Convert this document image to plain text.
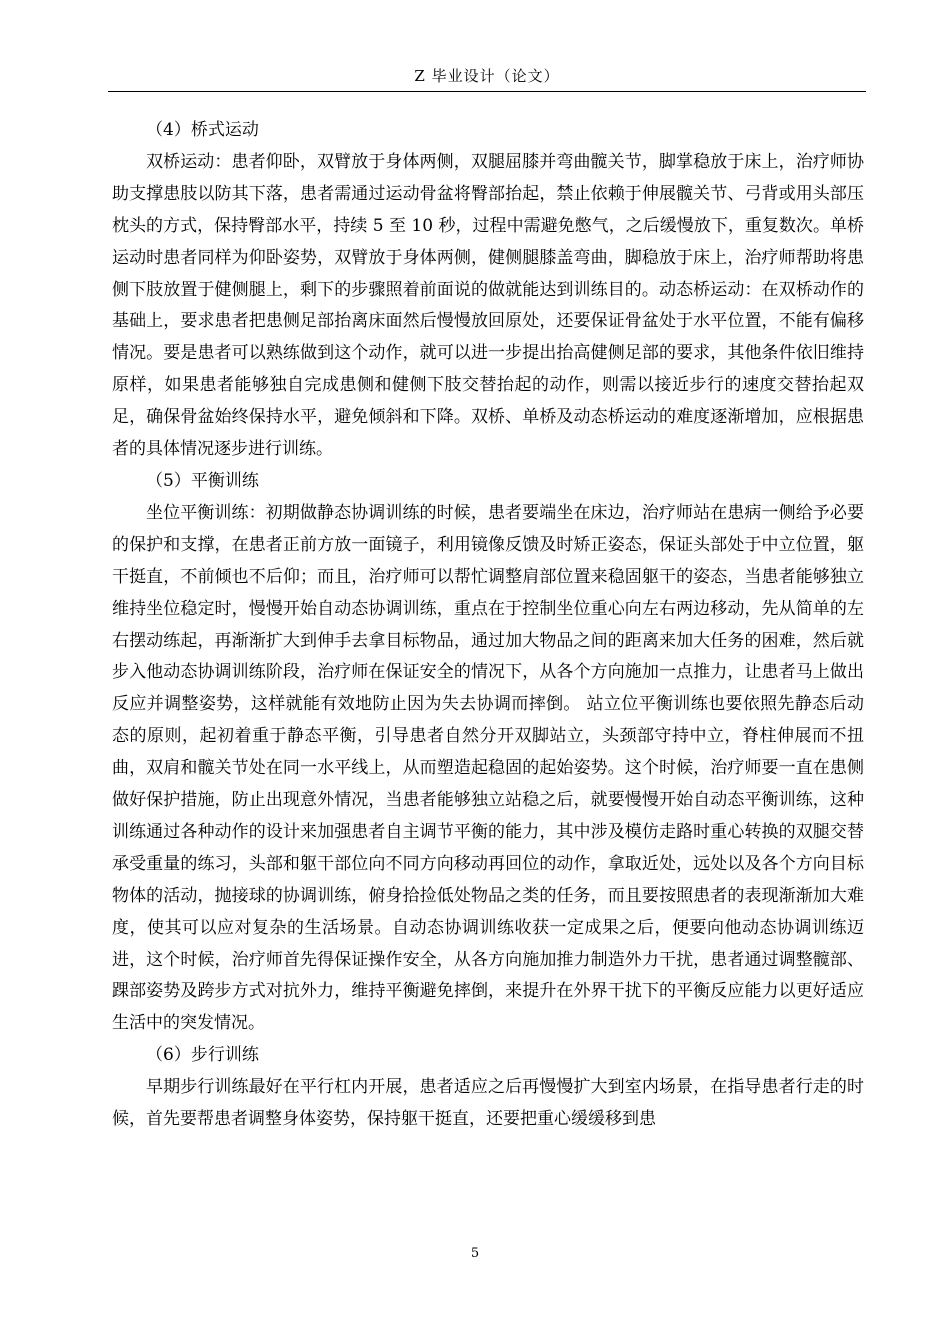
Z 毕业设计（论文）

（4）桥式运动

双桥运动：患者仰卧，双臂放于身体两侧，双腿屈膝并弯曲髋关节，脚掌稳放于床上，治疗师协助支撑患肢以防其下落，患者需通过运动骨盆将臀部抬起，禁止依赖于伸展髋关节、弓背或用头部压枕头的方式，保持臀部水平，持续 5 至 10 秒，过程中需避免憋气，之后缓慢放下，重复数次。单桥运动时患者同样为仰卧姿势，双臂放于身体两侧，健侧腿膝盖弯曲，脚稳放于床上，治疗师帮助将患侧下肢放置于健侧腿上，剩下的步骤照着前面说的做就能达到训练目的。动态桥运动：在双桥动作的基础上，要求患者把患侧足部抬离床面然后慢慢放回原处，还要保证骨盆处于水平位置，不能有偏移情况。要是患者可以熟练做到这个动作，就可以进一步提出抬高健侧足部的要求，其他条件依旧维持原样，如果患者能够独自完成患侧和健侧下肢交替抬起的动作，则需以接近步行的速度交替抬起双足，确保骨盆始终保持水平，避免倾斜和下降。双桥、单桥及动态桥运动的难度逐渐增加，应根据患者的具体情况逐步进行训练。

（5）平衡训练

坐位平衡训练：初期做静态协调训练的时候，患者要端坐在床边，治疗师站在患病一侧给予必要的保护和支撑，在患者正前方放一面镜子，利用镜像反馈及时矫正姿态，保证头部处于中立位置，躯干挺直，不前倾也不后仰；而且，治疗师可以帮忙调整肩部位置来稳固躯干的姿态，当患者能够独立维持坐位稳定时，慢慢开始自动态协调训练，重点在于控制坐位重心向左右两边移动，先从简单的左右摆动练起，再渐渐扩大到伸手去拿目标物品，通过加大物品之间的距离来加大任务的困难，然后就步入他动态协调训练阶段，治疗师在保证安全的情况下，从各个方向施加一点推力，让患者马上做出反应并调整姿势，这样就能有效地防止因为失去协调而摔倒。 站立位平衡训练也要依照先静态后动态的原则，起初着重于静态平衡，引导患者自然分开双脚站立，头颈部守持中立，脊柱伸展而不扭曲，双肩和髋关节处在同一水平线上，从而塑造起稳固的起始姿势。这个时候，治疗师要一直在患侧做好保护措施，防止出现意外情况，当患者能够独立站稳之后，就要慢慢开始自动态平衡训练，这种训练通过各种动作的设计来加强患者自主调节平衡的能力，其中涉及模仿走路时重心转换的双腿交替承受重量的练习，头部和躯干部位向不同方向移动再回位的动作，拿取近处，远处以及各个方向目标物体的活动，抛接球的协调训练，俯身拾捡低处物品之类的任务，而且要按照患者的表现渐渐加大难度，使其可以应对复杂的生活场景。自动态协调训练收获一定成果之后，便要向他动态协调训练迈进，这个时候，治疗师首先得保证操作安全，从各方向施加推力制造外力干扰，患者通过调整髋部、踝部姿势及跨步方式对抗外力，维持平衡避免摔倒，来提升在外界干扰下的平衡反应能力以更好适应生活中的突发情况。

（6）步行训练

早期步行训练最好在平行杠内开展，患者适应之后再慢慢扩大到室内场景，在指导患者行走的时候，首先要帮患者调整身体姿势，保持躯干挺直，还要把重心缓缓移到患

5
